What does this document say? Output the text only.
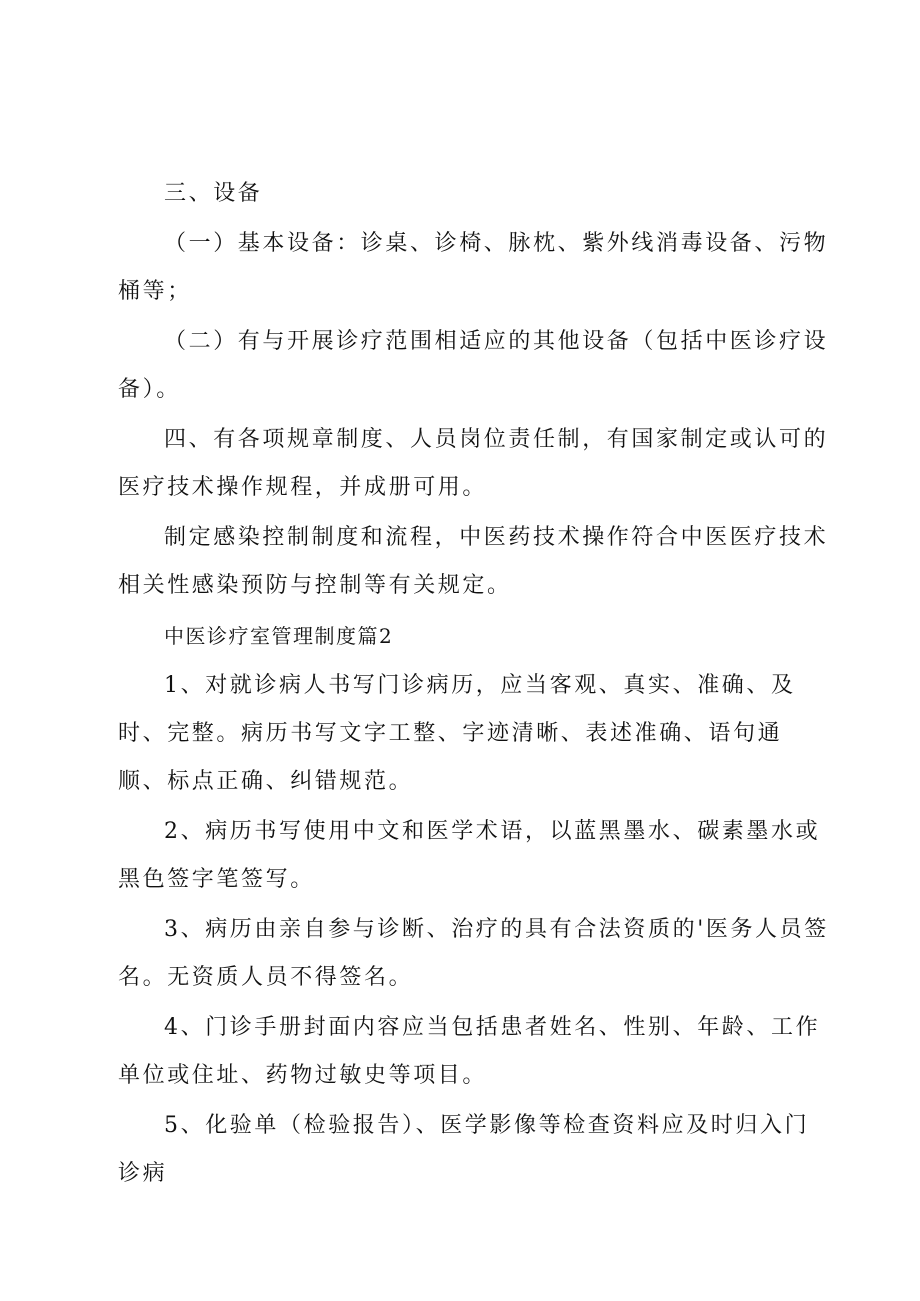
三、设备

（一）基本设备：诊桌、诊椅、脉枕、紫外线消毒设备、污物桶等；

（二）有与开展诊疗范围相适应的其他设备（包括中医诊疗设备）。

四、有各项规章制度、人员岗位责任制，有国家制定或认可的医疗技术操作规程，并成册可用。

制定感染控制制度和流程，中医药技术操作符合中医医疗技术相关性感染预防与控制等有关规定。

中医诊疗室管理制度篇2

1、对就诊病人书写门诊病历，应当客观、真实、准确、及时、完整。病历书写文字工整、字迹清晰、表述准确、语句通顺、标点正确、纠错规范。

2、病历书写使用中文和医学术语，以蓝黑墨水、碳素墨水或黑色签字笔签写。

3、病历由亲自参与诊断、治疗的具有合法资质的'医务人员签名。无资质人员不得签名。

4、门诊手册封面内容应当包括患者姓名、性别、年龄、工作单位或住址、药物过敏史等项目。

5、化验单（检验报告）、医学影像等检查资料应及时归入门诊病
